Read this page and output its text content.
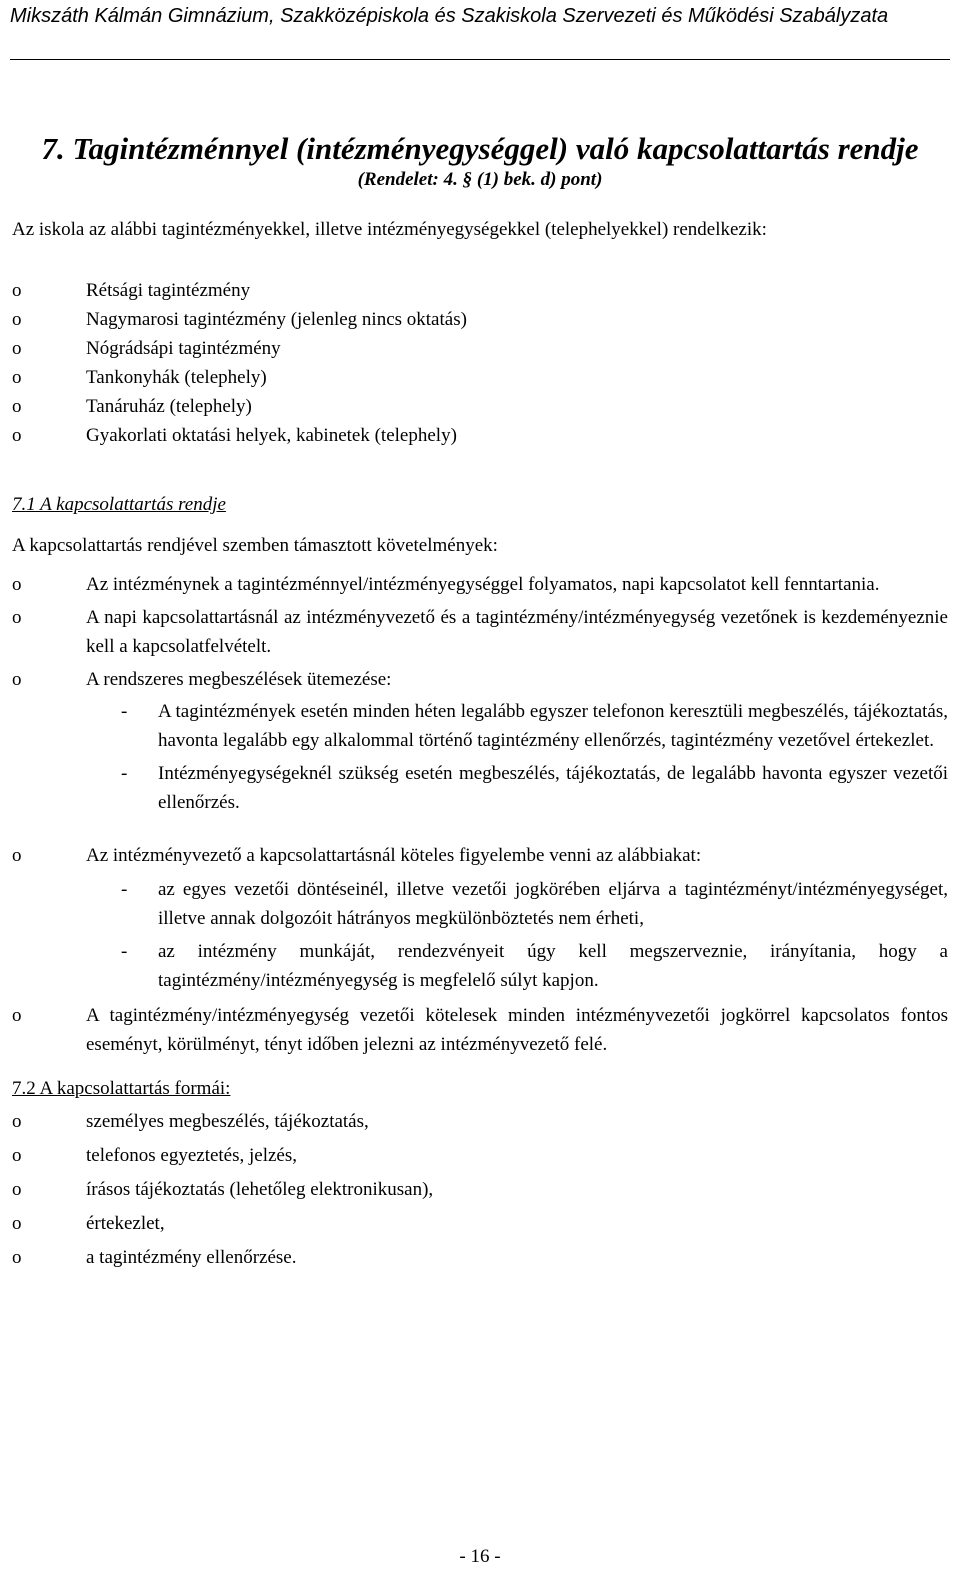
Mikszáth Kálmán Gimnázium, Szakközépiskola és Szakiskola Szervezeti és Működési Szabályzata
7. Tagintézménnyel (intézményegységgel) való kapcsolattartás rendje
(Rendelet: 4. § (1) bek. d) pont)

Az iskola az alábbi tagintézményekkel, illetve intézményegységekkel (telephelyekkel) rendelkezik:

o	Rétsági tagintézmény
o	Nagymarosi tagintézmény (jelenleg nincs oktatás)
o	Nógrádsápi tagintézmény
o	Tankonyhák (telephely)
o	Tanáruház (telephely)
o	Gyakorlati oktatási helyek, kabinetek (telephely)
7.1 A kapcsolattartás rendje

A kapcsolattartás rendjével szemben támasztott követelmények:

o	Az intézménynek a tagintézménnyel/intézményegységgel folyamatos, napi kapcsolatot kell fenntartania.
o	A napi kapcsolattartásnál az intézményvezető és a tagintézmény/intézményegység vezetőnek is kezdeményeznie kell a kapcsolatfelvételt.
o	A rendszeres megbeszélések ütemezése:
- A tagintézmények esetén minden héten legalább egyszer telefonon keresztüli megbeszélés, tájékoztatás, havonta legalább egy alkalommal történő tagintézmény ellenőrzés, tagintézmény vezetővel értekezlet.
- Intézményegységeknél szükség esetén megbeszélés, tájékoztatás, de legalább havonta egyszer vezetői ellenőrzés.
o	Az intézményvezető a kapcsolattartásnál köteles figyelembe venni az alábbiakat:
- az egyes vezetői döntéseinél, illetve vezetői jogkörében eljárva a tagintézményt/intézményegységet, illetve annak dolgozóit hátrányos megkülönböztetés nem érheti,
- az intézmény munkáját, rendezvényeit úgy kell megszerveznie, irányítania, hogy a tagintézmény/intézményegység is megfelelő súlyt kapjon.
o	A tagintézmény/intézményegység vezetői kötelesek minden intézményvezetői jogkörrel kapcsolatos fontos eseményt, körülményt, tényt időben jelezni az intézményvezető felé.
7.2 A kapcsolattartás formái:
o	személyes megbeszélés, tájékoztatás,
o	telefonos egyeztetés, jelzés,
o	írásos tájékoztatás (lehetőleg elektronikusan),
o	értekezlet,
o	a tagintézmény ellenőrzése.
- 16 -
